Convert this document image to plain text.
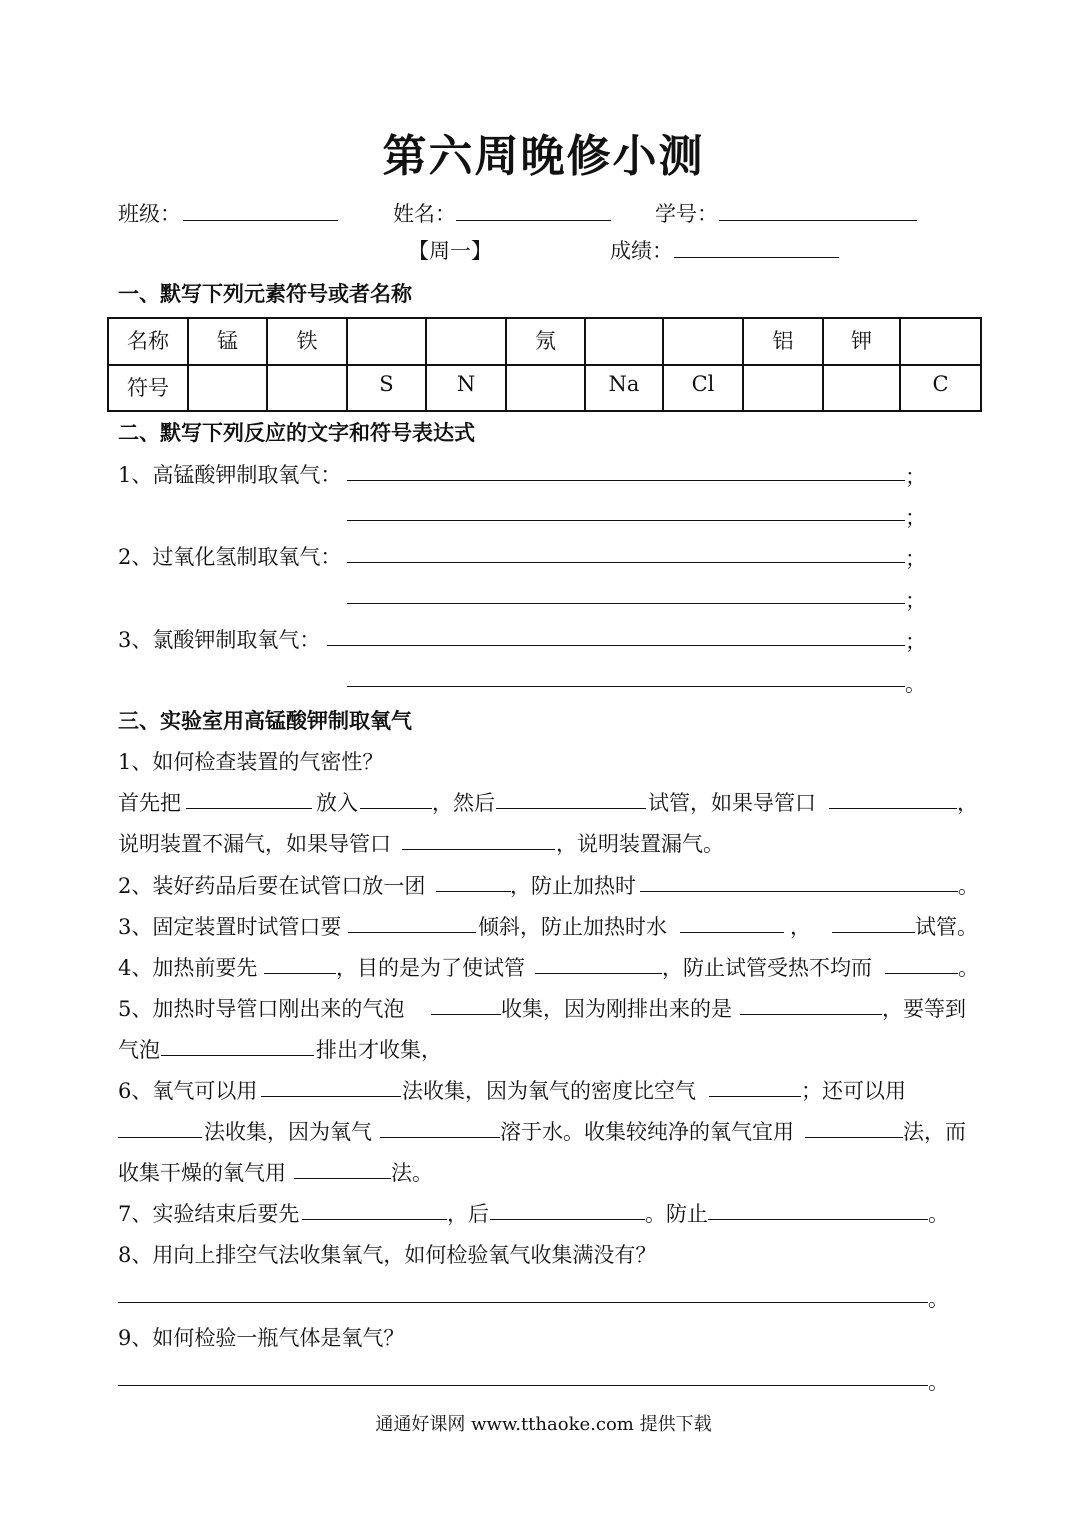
第六周晚修小测
班级：	姓名：	学号：
【周一】	成绩：
一、默写下列元素符号或者名称
名称	锰	铁			氖			铝	钾	
符号			S	N		Na	Cl			C
二、默写下列反应的文字和符号表达式
1、高锰酸钾制取氧气：	；
；
2、过氧化氢制取氧气：	；
；
3、氯酸钾制取氧气：	；
。
三、实验室用高锰酸钾制取氧气
1、如何检查装置的气密性？
首先把	放入	，然后	试管，如果导管口	，
说明装置不漏气，如果导管口	，说明装置漏气。
2、装好药品后要在试管口放一团	，防止加热时	。
3、固定装置时试管口要	倾斜，防止加热时水	，	试管。
4、加热前要先	，目的是为了使试管	，防止试管受热不均而	。
5、加热时导管口刚出来的气泡	收集，因为刚排出来的是	，要等到
气泡	排出才收集，
6、氧气可以用	法收集，因为氧气的密度比空气	；还可以用
法收集，因为氧气	溶于水。收集较纯净的氧气宜用	法，而
收集干燥的氧气用	法。
7、实验结束后要先	，后	。防止	。
8、用向上排空气法收集氧气，如何检验氧气收集满没有？
。
9、如何检验一瓶气体是氧气？
。
通通好课网 www.tthaoke.com 提供下载
